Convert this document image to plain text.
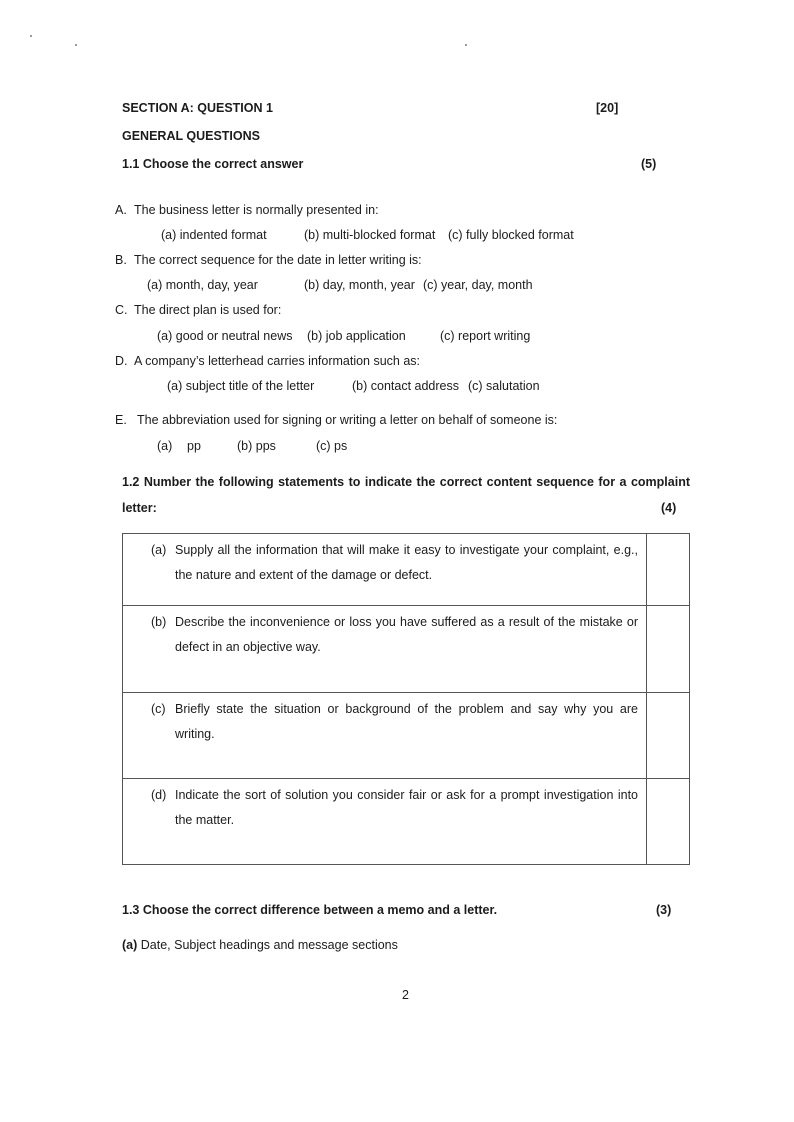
SECTION A: QUESTION 1	[20]
GENERAL QUESTIONS
1.1 Choose the correct answer	(5)
A. The business letter is normally presented in:
(a) indented format	(b) multi-blocked format (c) fully blocked format
B. The correct sequence for the date in letter writing is:
(a) month, day, year	(b) day, month, year (c) year, day, month
C. The direct plan is used for:
(a) good or neutral news (b) job application	(c) report writing
D. A company’s letterhead carries information such as:
(a) subject title of the letter	(b) contact address (c) salutation
E. The abbreviation used for signing or writing a letter on behalf of someone is:
(a) pp	(b) pps	(c) ps
1.2 Number the following statements to indicate the correct content sequence for a complaint
letter:	(4)
(a) Supply all the information that will make it easy to investigate your complaint, e.g., the nature and extent of the damage or defect.	

(b) Describe the inconvenience or loss you have suffered as a result of the mistake or defect in an objective way.	

(c) Briefly state the situation or background of the problem and say why you are writing.	

(d) Indicate the sort of solution you consider fair or ask for a prompt investigation into the matter.	

1.3 Choose the correct difference between a memo and a letter.	(3)
(a) Date, Subject headings and message sections
2
